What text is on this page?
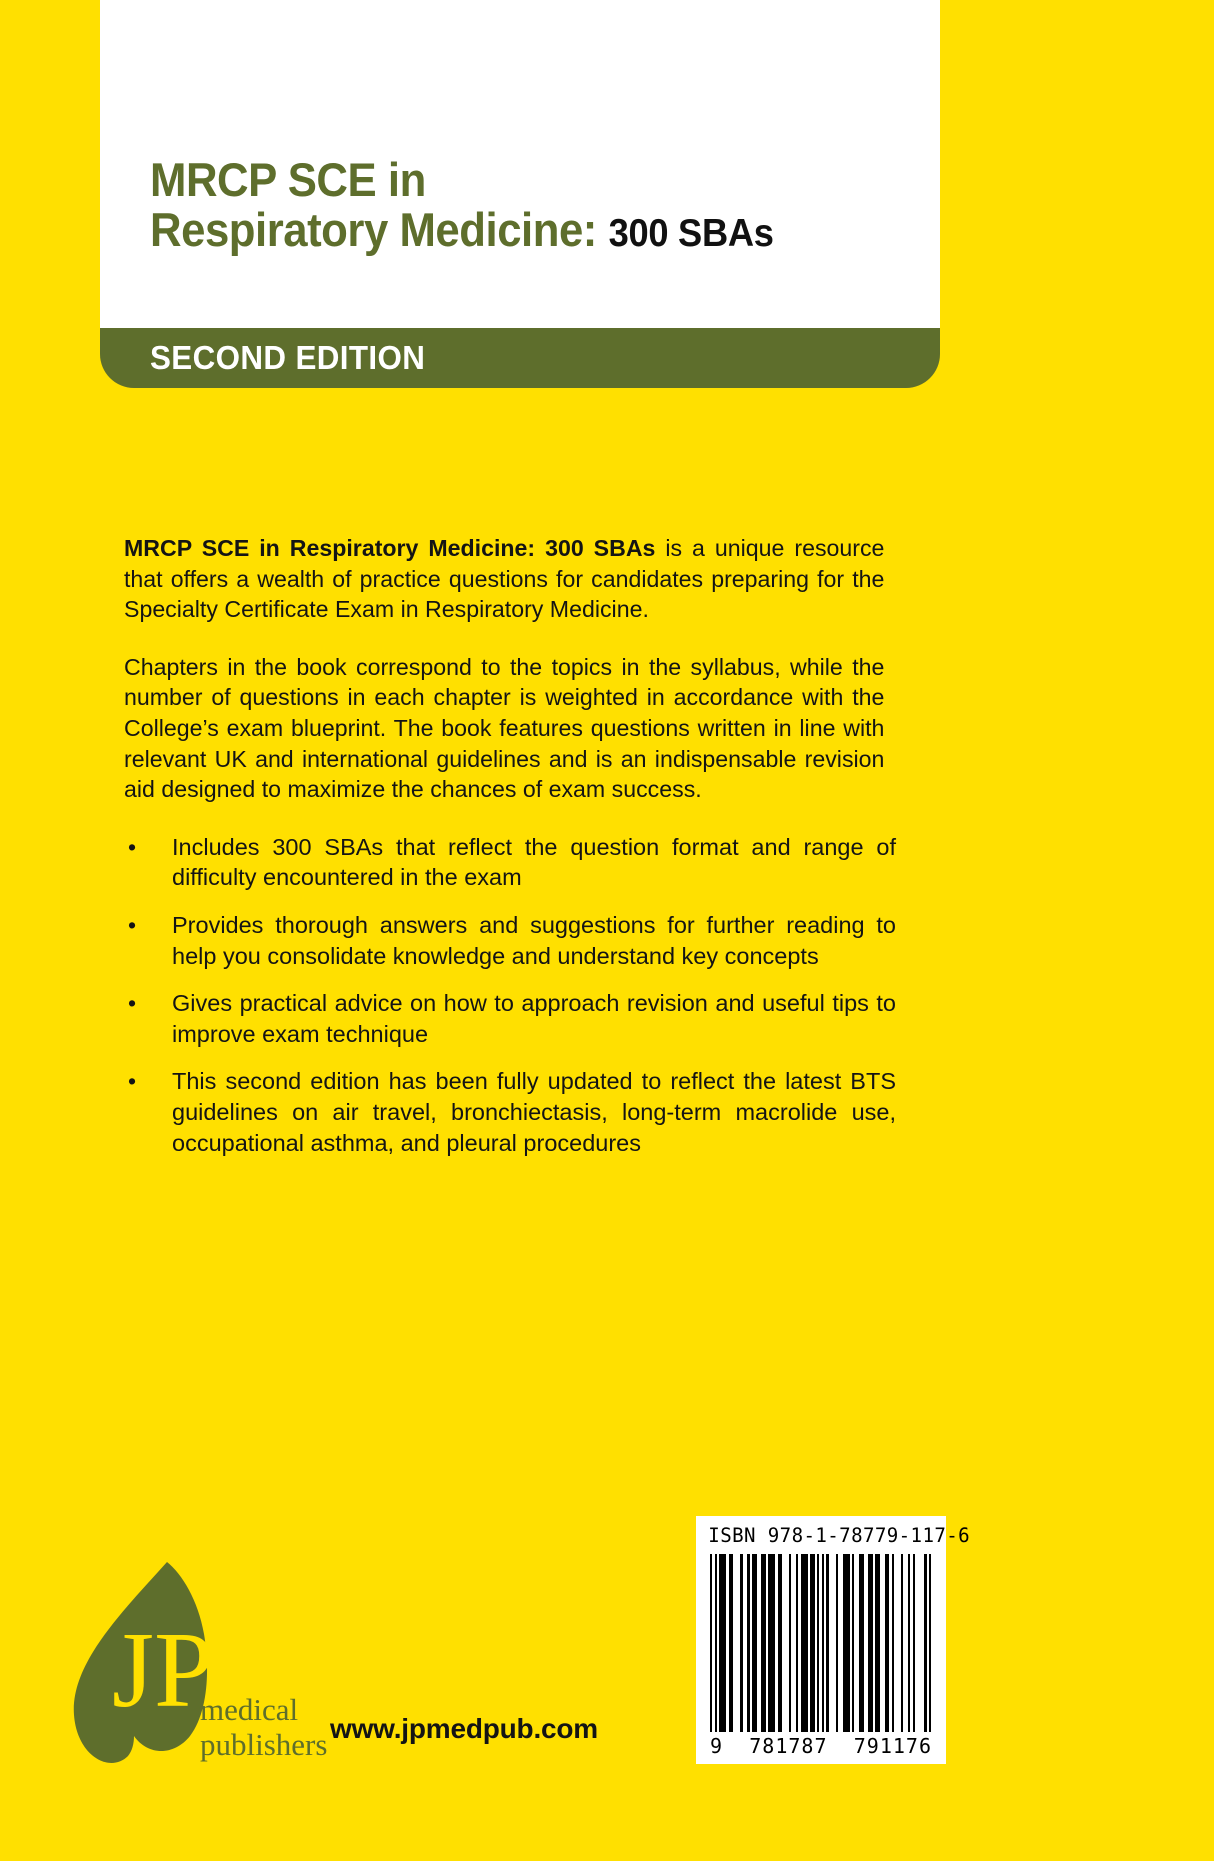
MRCP SCE in
Respiratory Medicine: 300 SBAs
SECOND EDITION

MRCP SCE in Respiratory Medicine: 300 SBAs is a unique resource that offers a wealth of practice questions for candidates preparing for the Specialty Certificate Exam in Respiratory Medicine.

Chapters in the book correspond to the topics in the syllabus, while the number of questions in each chapter is weighted in accordance with the College’s exam blueprint. The book features questions written in line with relevant UK and international guidelines and is an indispensable revision aid designed to maximize the chances of exam success.

• Includes 300 SBAs that reflect the question format and range of difficulty encountered in the exam
• Provides thorough answers and suggestions for further reading to help you consolidate knowledge and understand key concepts
• Gives practical advice on how to approach revision and useful tips to improve exam technique
• This second edition has been fully updated to reflect the latest BTS guidelines on air travel, bronchiectasis, long-term macrolide use, occupational asthma, and pleural procedures
JP
medical
publishers www.jpmedpub.com
ISBN 978-1-78779-117-6
9 781787 791176
